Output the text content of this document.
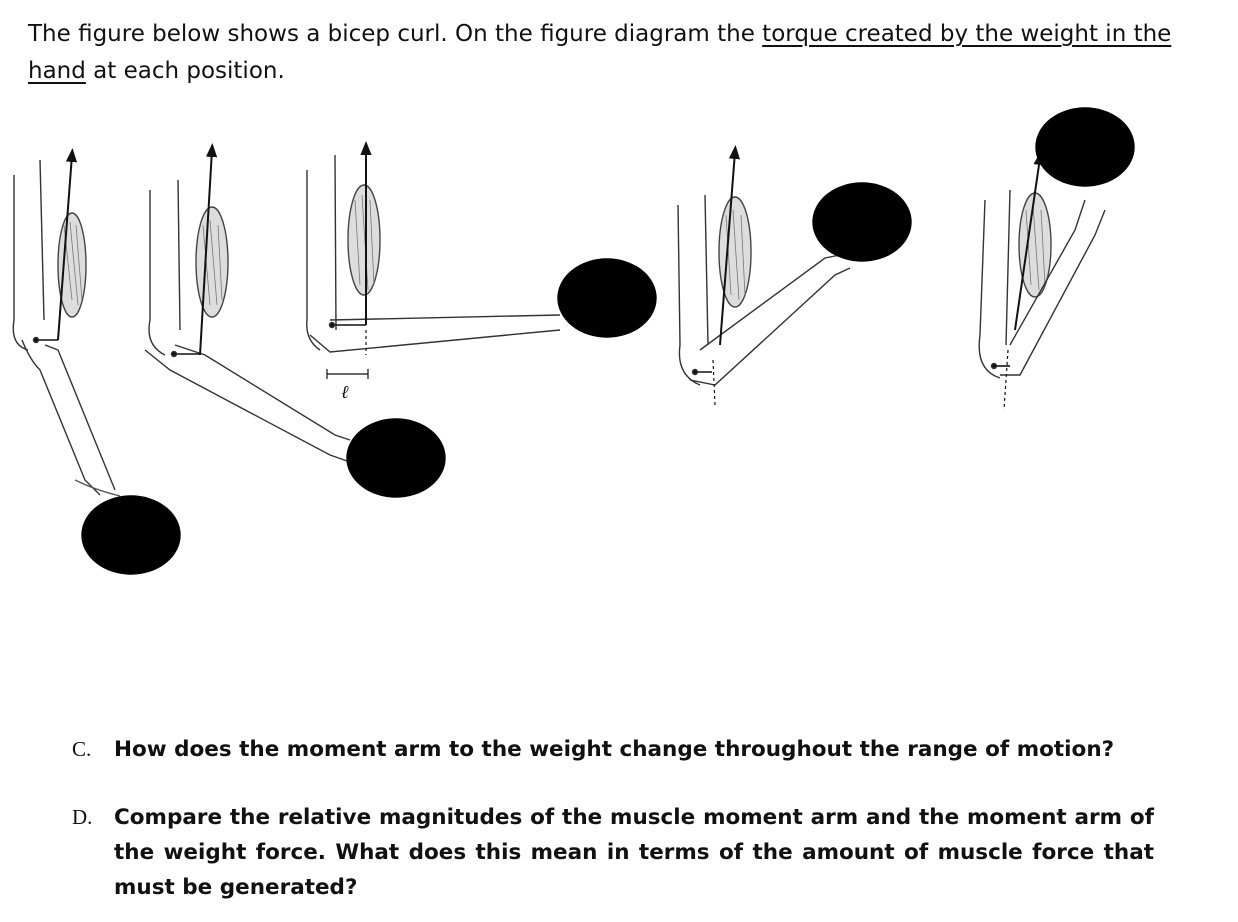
The figure below shows a bicep curl. On the figure diagram the torque created by the weight in the hand at each position.
ℓ
C. How does the moment arm to the weight change throughout the range of motion?
D. Compare the relative magnitudes of the muscle moment arm and the moment arm of the weight force. What does this mean in terms of the amount of muscle force that must be generated?
